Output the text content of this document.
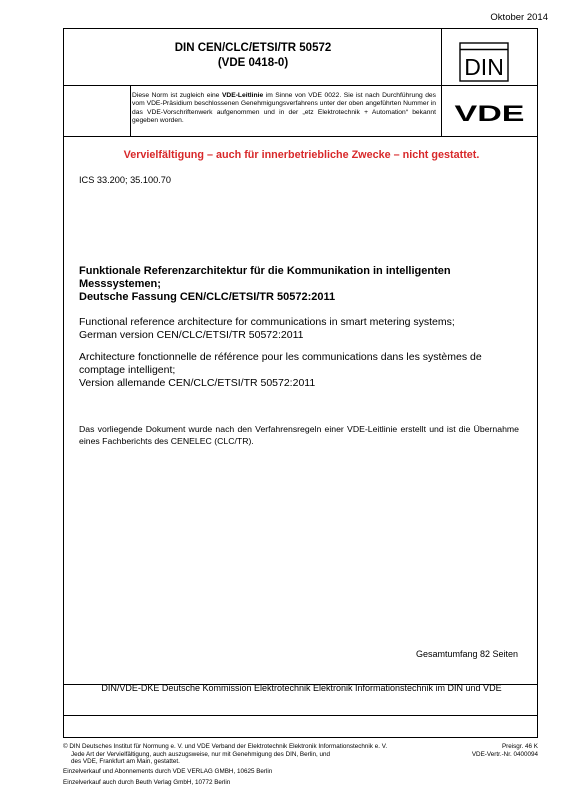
Oktober 2014
DIN CEN/CLC/ETSI/TR 50572
(VDE 0418-0)	DIN
VDE
Diese Norm ist zugleich eine VDE-Leitlinie im Sinne von VDE 0022. Sie ist nach Durchführung des vom VDE-Präsidium beschlossenen Genehmigungsverfahrens unter der oben angeführten Nummer in das VDE-Vorschriftenwerk aufgenommen und in der „etz Elektrotechnik + Automation“ bekannt gegeben worden.
Vervielfältigung – auch für innerbetriebliche Zwecke – nicht gestattet.
ICS 33.200; 35.100.70
Funktionale Referenzarchitektur für die Kommunikation in intelligenten
Messsystemen;
Deutsche Fassung CEN/CLC/ETSI/TR 50572:2011
Functional reference architecture for communications in smart metering systems;
German version CEN/CLC/ETSI/TR 50572:2011
Architecture fonctionnelle de référence pour les communications dans les systèmes de
comptage intelligent;
Version allemande CEN/CLC/ETSI/TR 50572:2011
Das vorliegende Dokument wurde nach den Verfahrensregeln einer VDE-Leitlinie erstellt und ist die Übernahme eines Fachberichts des CENELEC (CLC/TR).
Gesamtumfang 82 Seiten
DIN/VDE-DKE Deutsche Kommission Elektrotechnik Elektronik Informationstechnik im DIN und VDE
© DIN Deutsches Institut für Normung e. V. und VDE Verband der Elektrotechnik Elektronik Informationstechnik e. V.
Jede Art der Vervielfältigung, auch auszugsweise, nur mit Genehmigung des DIN, Berlin, und
des VDE, Frankfurt am Main, gestattet.
Preisgr. 46 K
VDE-Vertr.-Nr. 0400094
Einzelverkauf und Abonnements durch VDE VERLAG GMBH, 10625 Berlin
Einzelverkauf auch durch Beuth Verlag GmbH, 10772 Berlin
